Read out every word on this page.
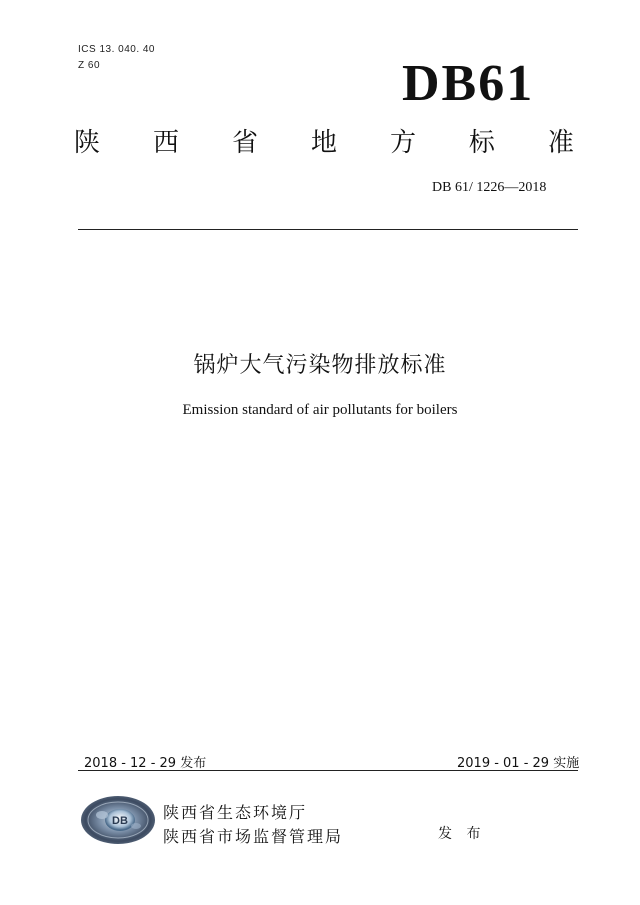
ICS 13. 040. 40
Z 60	DB61
陕 西 省 地 方 标 准
DB 61/ 1226—2018
锅炉大气污染物排放标准
Emission standard of air pollutants for boilers
2018 - 12 - 29 发布	2019 - 01 - 29 实施
DB 陕西省生态环境厅
陕西省市场监督管理局	发 布
